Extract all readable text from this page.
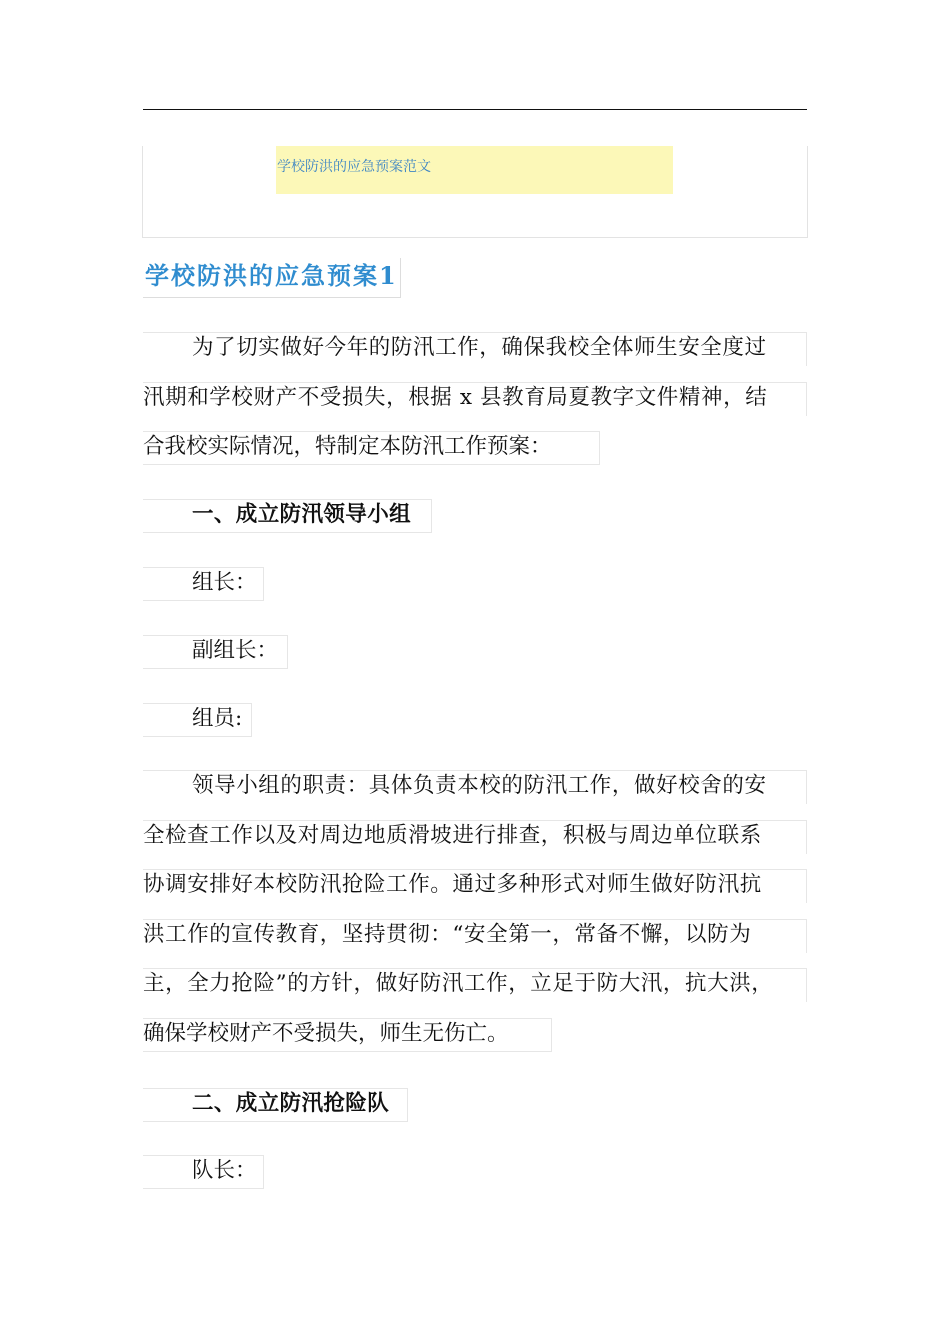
学校防洪的应急预案范文
学校防洪的应急预案1
为了切实做好今年的防汛工作，确保我校全体师生安全度过
汛期和学校财产不受损失，根据 x 县教育局夏教字文件精神，结
合我校实际情况，特制定本防汛工作预案：
一、成立防汛领导小组
组长：
副组长：
组员:
领导小组的职责：具体负责本校的防汛工作，做好校舍的安
全检查工作以及对周边地质滑坡进行排查，积极与周边单位联系
协调安排好本校防汛抢险工作。通过多种形式对师生做好防汛抗
洪工作的宣传教育，坚持贯彻：“安全第一，常备不懈，以防为
主，全力抢险”的方针，做好防汛工作，立足于防大汛，抗大洪，
确保学校财产不受损失，师生无伤亡。
二、成立防汛抢险队
队长：
